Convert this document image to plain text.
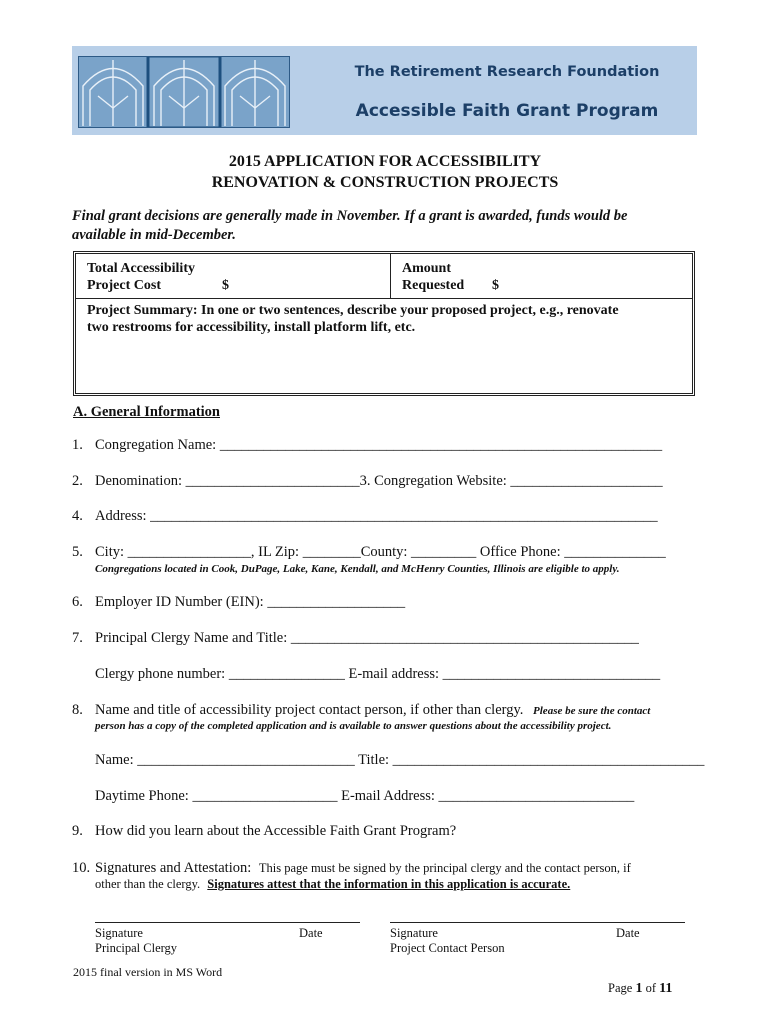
The Retirement Research Foundation
Accessible Faith Grant Program
2015 APPLICATION FOR ACCESSIBILITY
RENOVATION & CONSTRUCTION PROJECTS
Final grant decisions are generally made in November. If a grant is awarded, funds would be
available in mid-December.
Total Accessibility
Project Cost	$
Amount
Requested $
Project Summary: In one or two sentences, describe your proposed project, e.g., renovate
two restrooms for accessibility, install platform lift, etc.
A. General Information
1. Congregation Name: _____________________________________________________________
2. Denomination: ________________________3. Congregation Website: _____________________
4. Address: ______________________________________________________________________
5. City: _________________, IL Zip: ________County: _________ Office Phone: ______________
Congregations located in Cook, DuPage, Lake, Kane, Kendall, and McHenry Counties, Illinois are eligible to apply.
6. Employer ID Number (EIN): ___________________
7. Principal Clergy Name and Title: ________________________________________________
Clergy phone number: ________________ E-mail address: ______________________________
8. Name and title of accessibility project contact person, if other than clergy. Please be sure the contact
person has a copy of the completed application and is available to answer questions about the accessibility project.
Name: ______________________________ Title: ___________________________________________
Daytime Phone: ____________________ E-mail Address: ___________________________
9. How did you learn about the Accessible Faith Grant Program?
10. Signatures and Attestation: This page must be signed by the principal clergy and the contact person, if
other than the clergy. Signatures attest that the information in this application is accurate.
Signature
Principal Clergy
Date	Signature
Project Contact Person
Date
2015 final version in MS Word
Page 1 of 11
